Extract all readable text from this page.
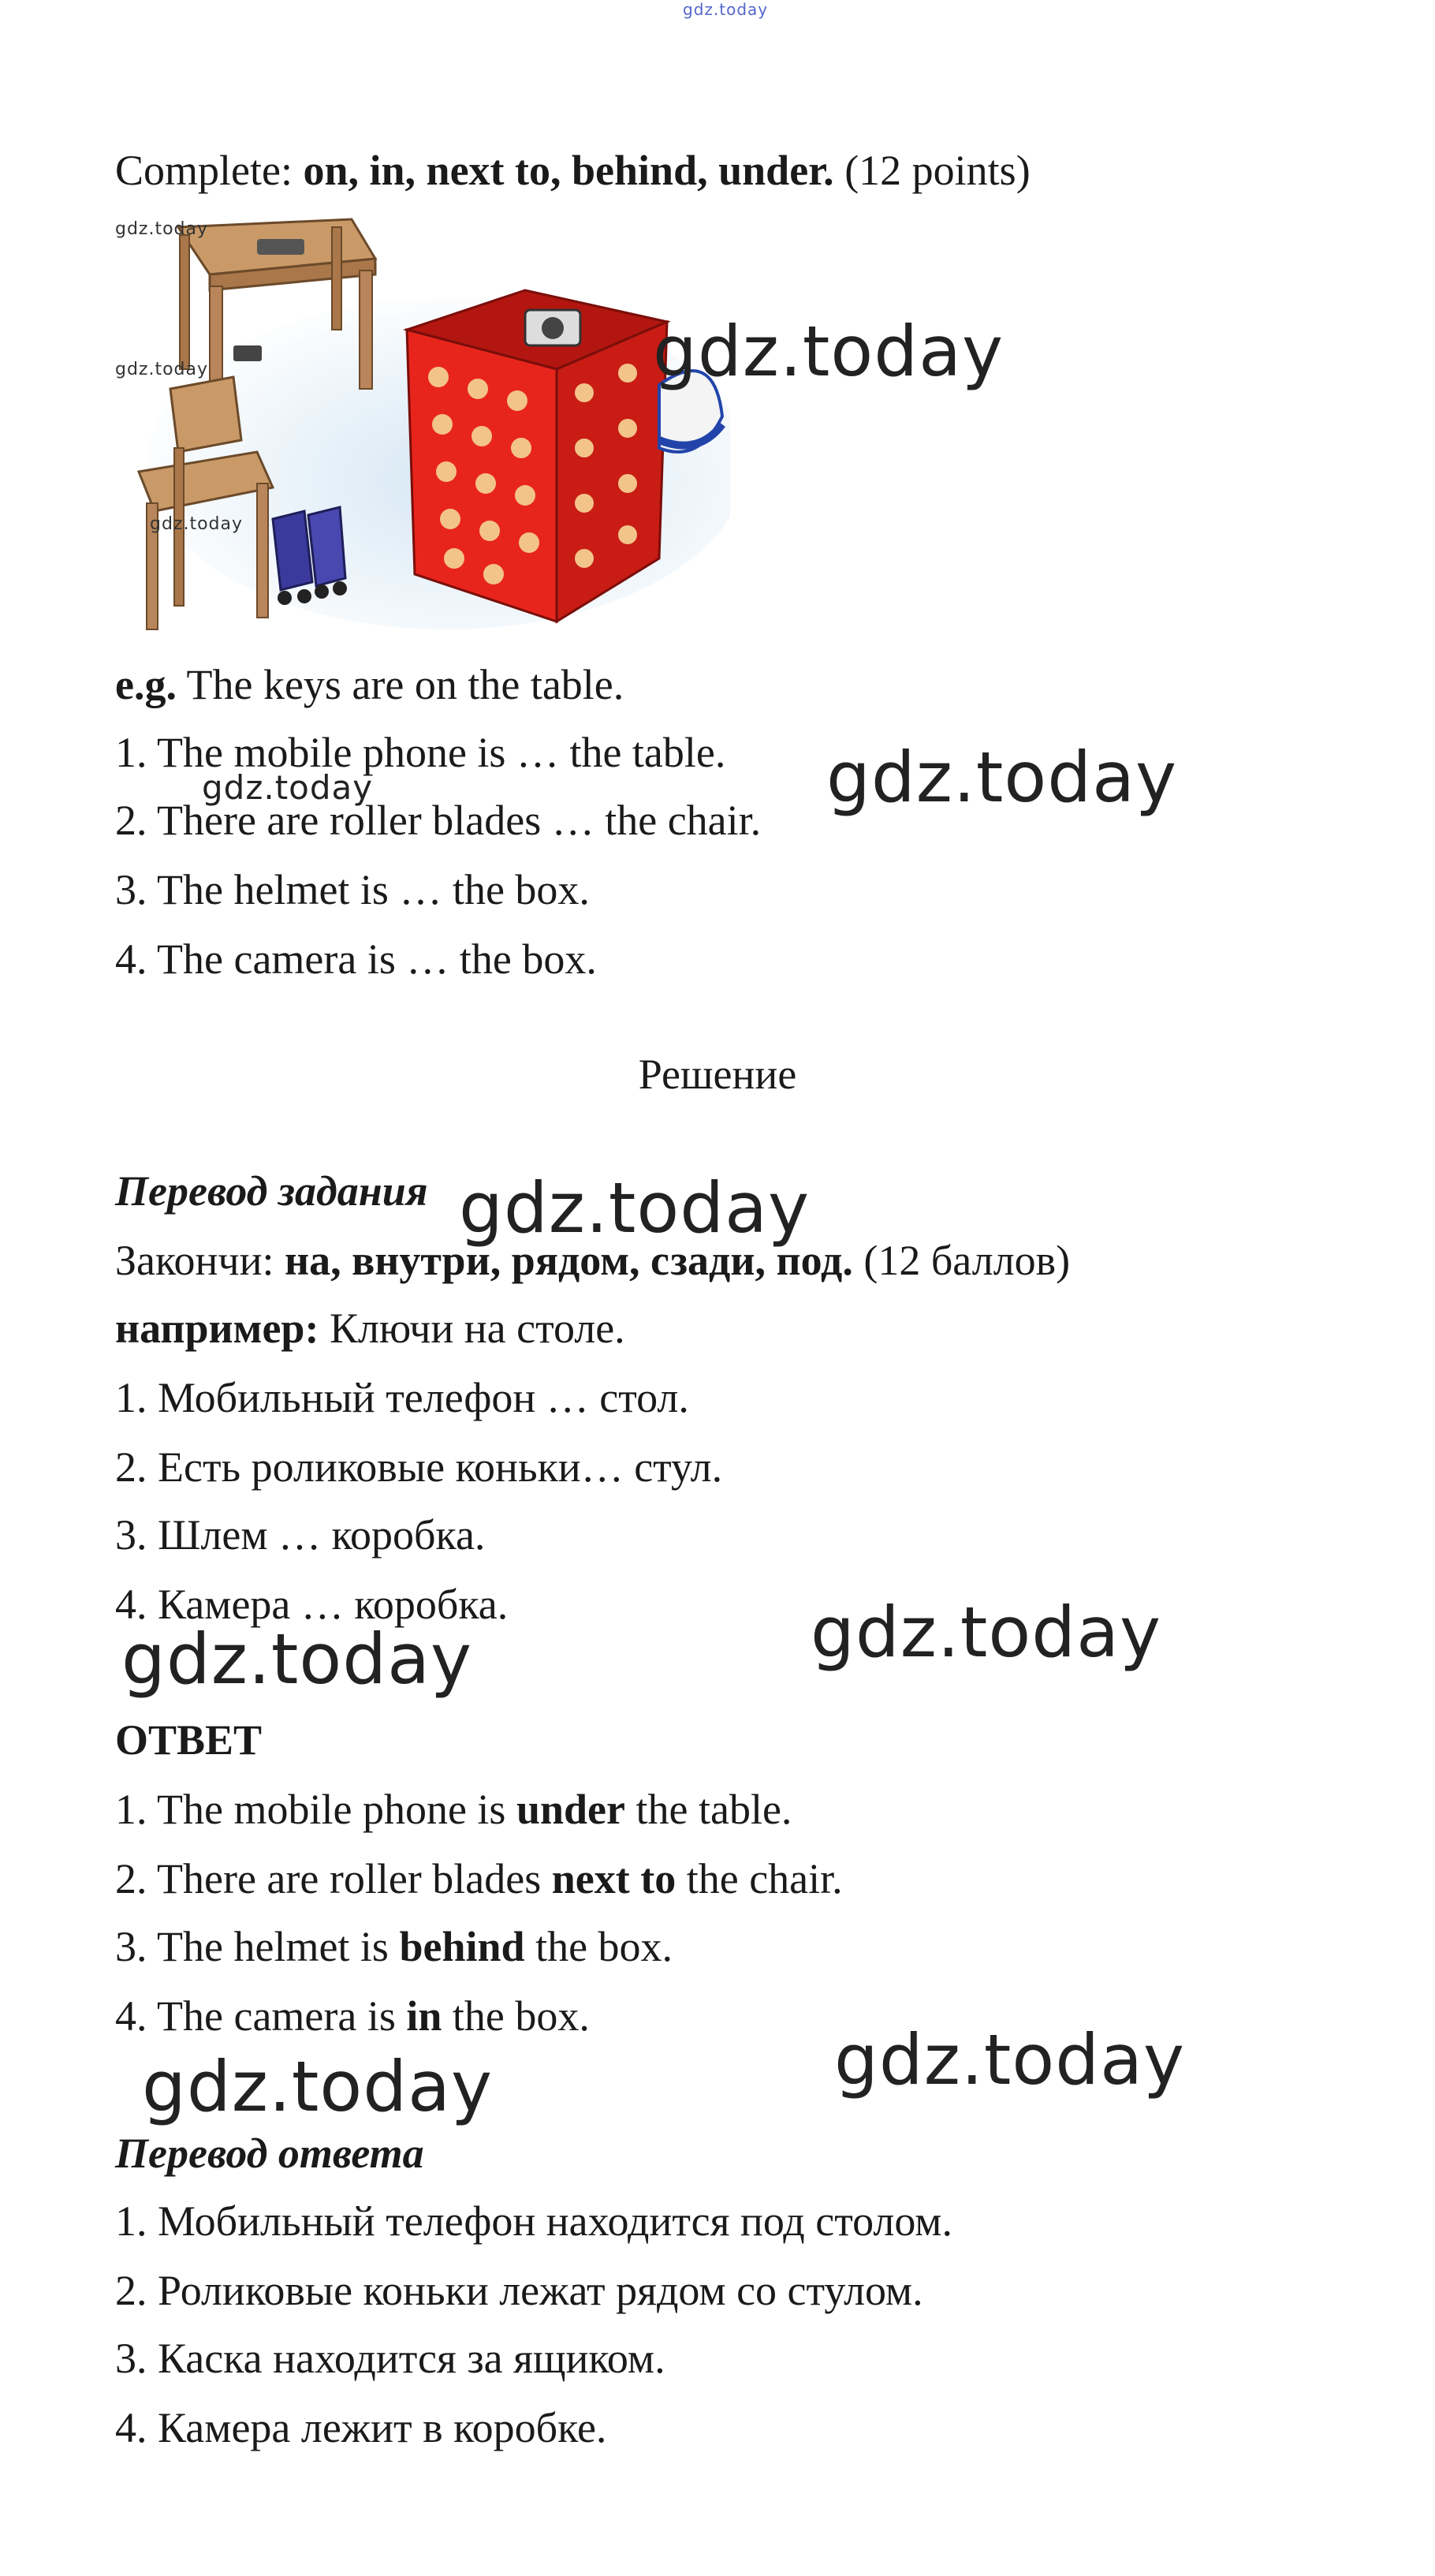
gdz.today
Complete: on, in, next to, behind, under. (12 points)
gdz.today
gdz.today
gdz.today
gdz.today
e.g. The keys are on the table.
1. The mobile phone is … the table.
gdz.today	gdz.today
2. There are roller blades … the chair.
3. The helmet is … the box.
4. The camera is … the box.
Решение
Перевод задания gdz.today
Закончи: на, внутри, рядом, сзади, под. (12 баллов)
например: Ключи на столе.
1. Мобильный телефон … стол.
2. Есть роликовые коньки… стул.
3. Шлем … коробка.
4. Камера … коробка.	gdz.today
gdz.today
ОТВЕТ
1. The mobile phone is under the table.
2. There are roller blades next to the chair.
3. The helmet is behind the box.
4. The camera is in the box.
gdz.today
gdz.today
Перевод ответа
1. Мобильный телефон находится под столом.
2. Роликовые коньки лежат рядом со стулом.
3. Каска находится за ящиком.
4. Камера лежит в коробке.
